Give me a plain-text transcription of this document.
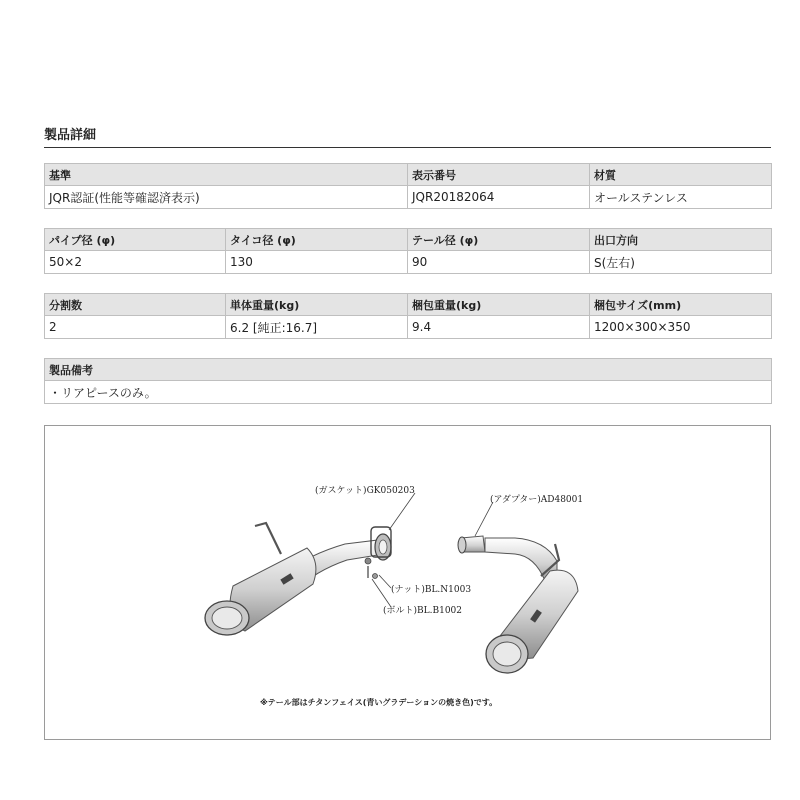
製品詳細
基準	表示番号	材質
JQR認証(性能等確認済表示)	JQR20182064	オールステンレス
パイプ径 (φ)	タイコ径 (φ)	テール径 (φ)	出口方向
50×2	130	90	S(左右)
分割数	単体重量(kg)	梱包重量(kg)	梱包サイズ(mm)
2	6.2 [純正:16.7]	9.4	1200×300×350
製品備考
・リアピースのみ。
(ガスケット)GK050203
(アダプター)AD48001
(ナット)BL.N1003
(ボルト)BL.B1002
※テール部はチタンフェイス(青いグラデーションの焼き色)です。
